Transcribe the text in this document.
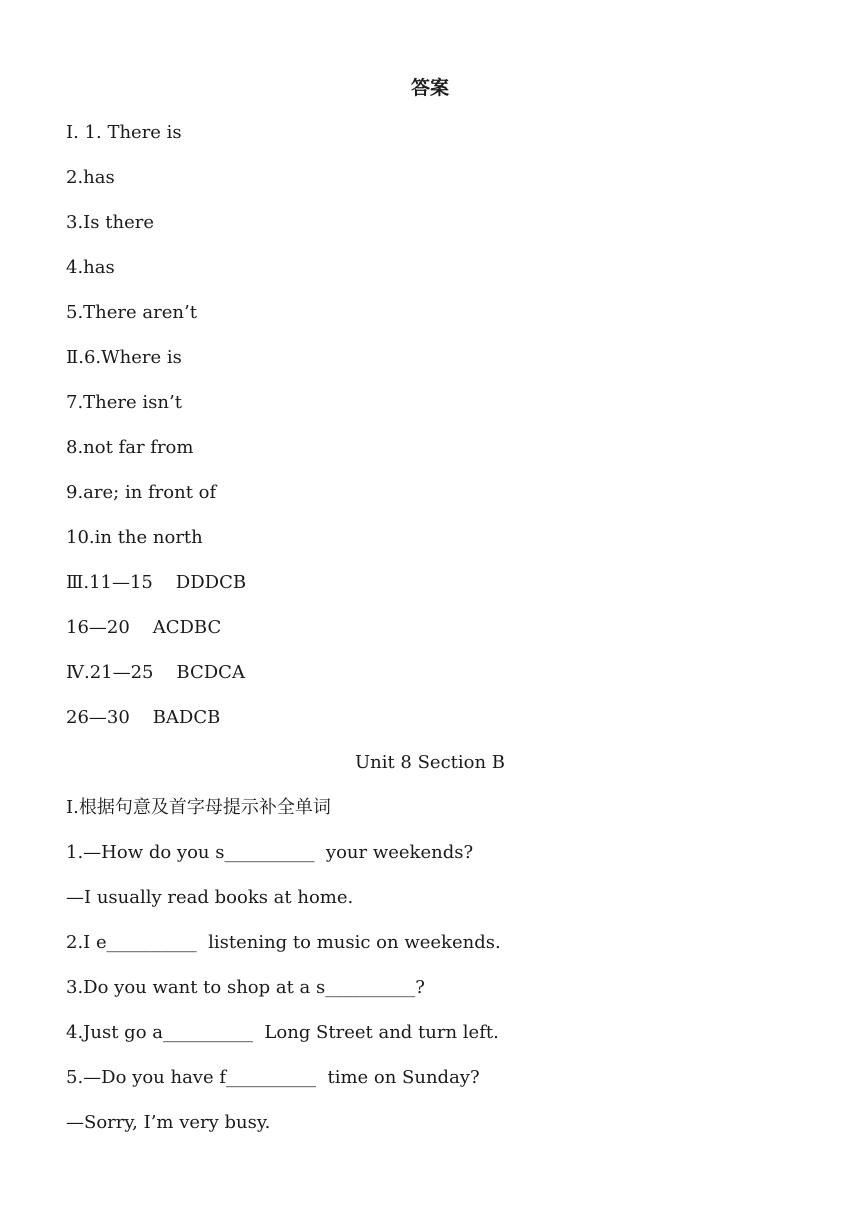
答案
Ⅰ. 1. There is
2.has
3.Is there
4.has
5.There aren’t
Ⅱ.6.Where is
7.There isn’t
8.not far from
9.are; in front of
10.in the north
Ⅲ.11—15    DDDCB
16—20    ACDBC
Ⅳ.21—25    BCDCA
26—30    BADCB
Unit 8 Section B
Ⅰ.根据句意及首字母提示补全单词
1.—How do you s__________  your weekends?
—I usually read books at home.
2.I e__________  listening to music on weekends.
3.Do you want to shop at a s__________?
4.Just go a__________  Long Street and turn left.
5.—Do you have f__________  time on Sunday?
—Sorry, I’m very busy.
